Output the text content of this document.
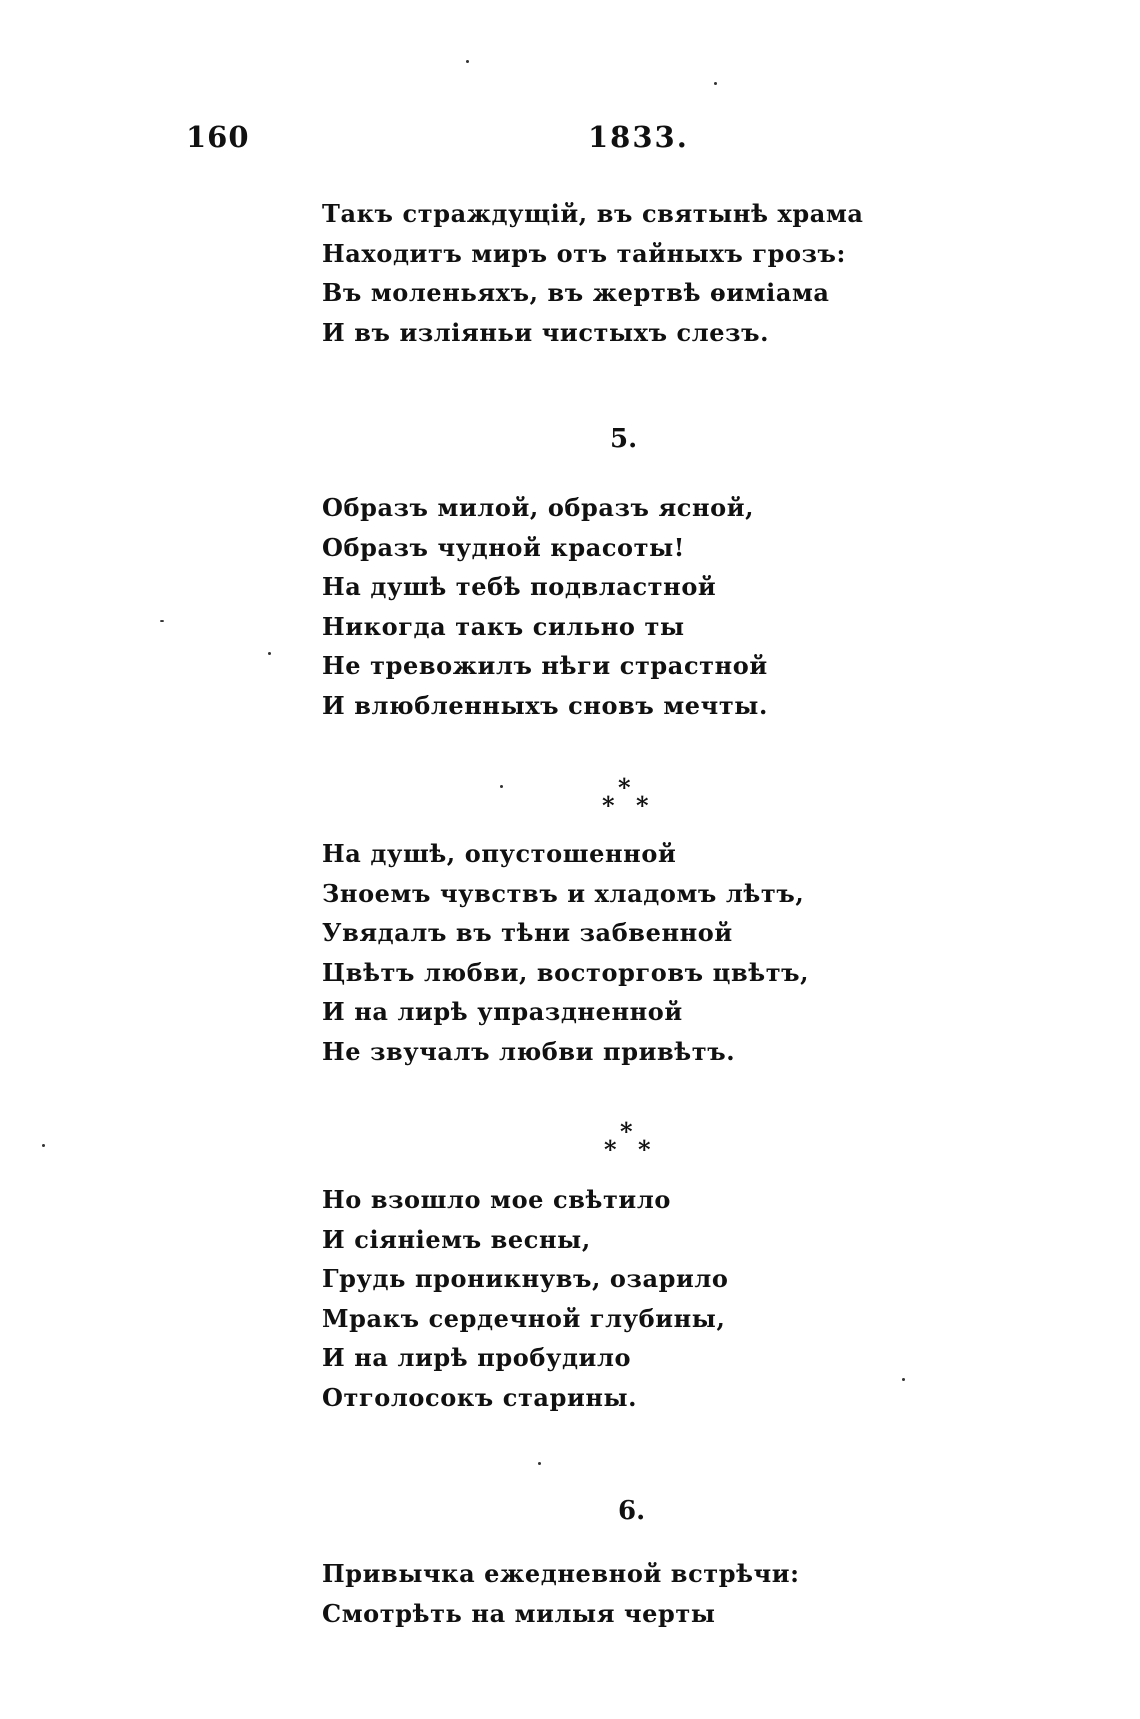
160	1833.
Такъ страждущій, въ святынѣ храма
Находитъ миръ отъ тайныхъ грозъ:
Въ моленьяхъ, въ жертвѣ ѳиміама
И въ изліяньи чистыхъ слезъ.
5.
Образъ милой, образъ ясной,
Образъ чудной красоты!
На душѣ тебѣ подвластной
Никогда такъ сильно ты
Не тревожилъ нѣги страстной
И влюбленныхъ сновъ мечты.
*
* *
На душѣ, опустошенной
Зноемъ чувствъ и хладомъ лѣтъ,
Увядалъ въ тѣни забвенной
Цвѣтъ любви, восторговъ цвѣтъ,
И на лирѣ упраздненной
Не звучалъ любви привѣтъ.
*
* *
Но взошло мое свѣтило
И сіяніемъ весны,
Грудь проникнувъ, озарило
Мракъ сердечной глубины,
И на лирѣ пробудило
Отголосокъ старины.
6.
Привычка ежедневной встрѣчи:
Смотрѣть на милыя черты
